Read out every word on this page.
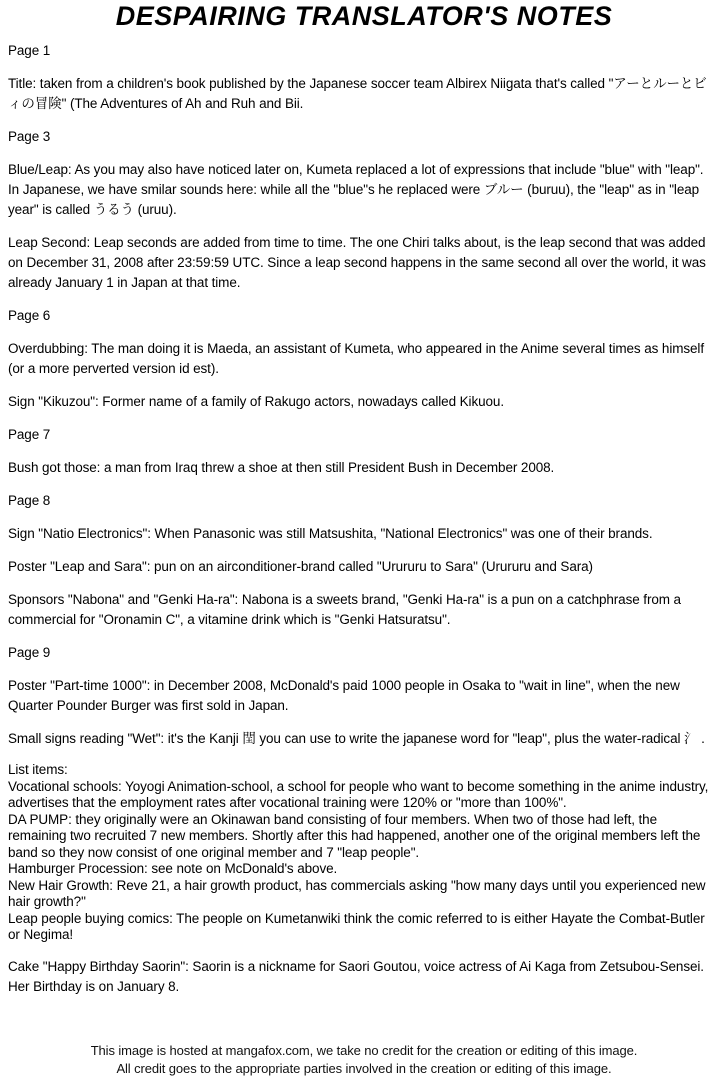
DESPAIRING TRANSLATOR'S NOTES
Page 1
Title: taken from a children's book published by the Japanese soccer team Albirex Niigata that's called "アーとルーとビィの冒険" (The Adventures of Ah and Ruh and Bii.
Page 3
Blue/Leap: As you may also have noticed later on, Kumeta replaced a lot of expressions that include "blue" with "leap". In Japanese, we have smilar sounds here: while all the "blue"s he replaced were ブルー (buruu), the "leap" as in "leap year" is called うるう (uruu).
Leap Second: Leap seconds are added from time to time. The one Chiri talks about, is the leap second that was added on December 31, 2008 after 23:59:59 UTC. Since a leap second happens in the same second all over the world, it was already January 1 in Japan at that time.
Page 6
Overdubbing: The man doing it is Maeda, an assistant of Kumeta, who appeared in the Anime several times as himself (or a more perverted version id est).
Sign "Kikuzou": Former name of a family of Rakugo actors, nowadays called Kikuou.
Page 7
Bush got those: a man from Iraq threw a shoe at then still President Bush in December 2008.
Page 8
Sign "Natio Electronics": When Panasonic was still Matsushita, "National Electronics" was one of their brands.
Poster "Leap and Sara": pun on an airconditioner-brand called "Urururu to Sara" (Urururu and Sara)
Sponsors "Nabona" and "Genki Ha-ra": Nabona is a sweets brand, "Genki Ha-ra" is a pun on a catchphrase from a commercial for "Oronamin C", a vitamine drink which is "Genki Hatsuratsu".
Page 9
Poster "Part-time 1000": in December 2008, McDonald's paid 1000 people in Osaka to "wait in line", when the new Quarter Pounder Burger was first sold in Japan.
Small signs reading "Wet": it's the Kanji 閏 you can use to write the japanese word for "leap", plus the water-radical 氵 .
List items:
Vocational schools: Yoyogi Animation-school, a school for people who want to become something in the anime industry, advertises that the employment rates after vocational training were 120% or "more than 100%".
DA PUMP: they originally were an Okinawan band consisting of four members. When two of those had left, the remaining two recruited 7 new members. Shortly after this had happened, another one of the original members left the band so they now consist of one original member and 7 "leap people".
Hamburger Procession: see note on McDonald's above.
New Hair Growth: Reve 21, a hair growth product, has commercials asking "how many days until you experienced new hair growth?"
Leap people buying comics: The people on Kumetanwiki think the comic referred to is either Hayate the Combat-Butler or Negima!
Cake "Happy Birthday Saorin": Saorin is a nickname for Saori Goutou, voice actress of Ai Kaga from Zetsubou-Sensei. Her Birthday is on January 8.
This image is hosted at mangafox.com, we take no credit for the creation or editing of this image.
All credit goes to the appropriate parties involved in the creation or editing of this image.
